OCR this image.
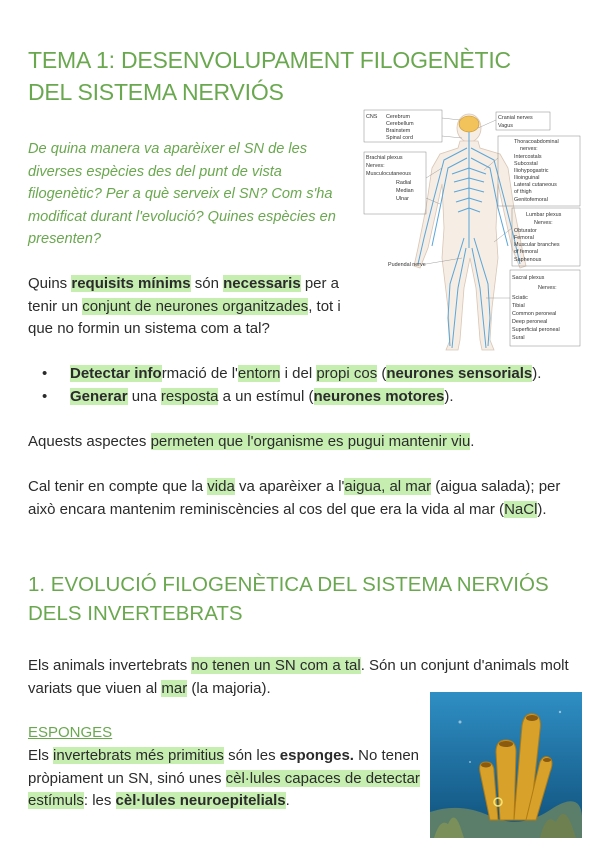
TEMA 1: DESENVOLUPAMENT FILOGENÈTIC
DEL SISTEMA NERVIÓS
De quina manera va aparèixer el SN de les diverses espècies des del punt de vista filogenètic? Per a què serveix el SN? Com s'ha modificat durant l'evolució? Quines espècies en presenten?
CNS Cerebrum
Cerebellum
Brainstem
Spinal cord
Brachial plexus
Nerves:
Musculocutaneous
Radial
Median
Ulnar
Pudendal nerve
Cranial nerves
Vagus
Thoracoabdominal
nerves:
Intercostals
Subcostal
Iliohypogastric
Ilioinguinal
Lateral cutaneous
of thigh
Genitofemoral
Lumbar plexus
Nerves:
Obturator
Femoral
Muscular branches
of femoral
Saphenous
Sacral plexus
Nerves:
Sciatic
Tibial
Common peroneal
Deep peroneal
Superficial peroneal
Sural
Quins requisits mínims són necessaris per a tenir un conjunt de neurones organitzades, tot i que no formin un sistema com a tal?
• Detectar informació de l'entorn i del propi cos (neurones sensorials).
• Generar una resposta a un estímul (neurones motores).
Aquests aspectes permeten que l'organisme es pugui mantenir viu.
Cal tenir en compte que la vida va aparèixer a l'aigua, al mar (aigua salada); per això encara mantenim reminiscències al cos del que era la vida al mar (NaCl).
1. EVOLUCIÓ FILOGENÈTICA DEL SISTEMA NERVIÓS
DELS INVERTEBRATS
Els animals invertebrats no tenen un SN com a tal. Són un conjunt d'animals molt variats que viuen al mar (la majoria).
ESPONGES
Els invertebrats més primitius són les esponges. No tenen pròpiament un SN, sinó unes cèl·lules capaces de detectar estímuls: les cèl·lules neuroepitelials.
